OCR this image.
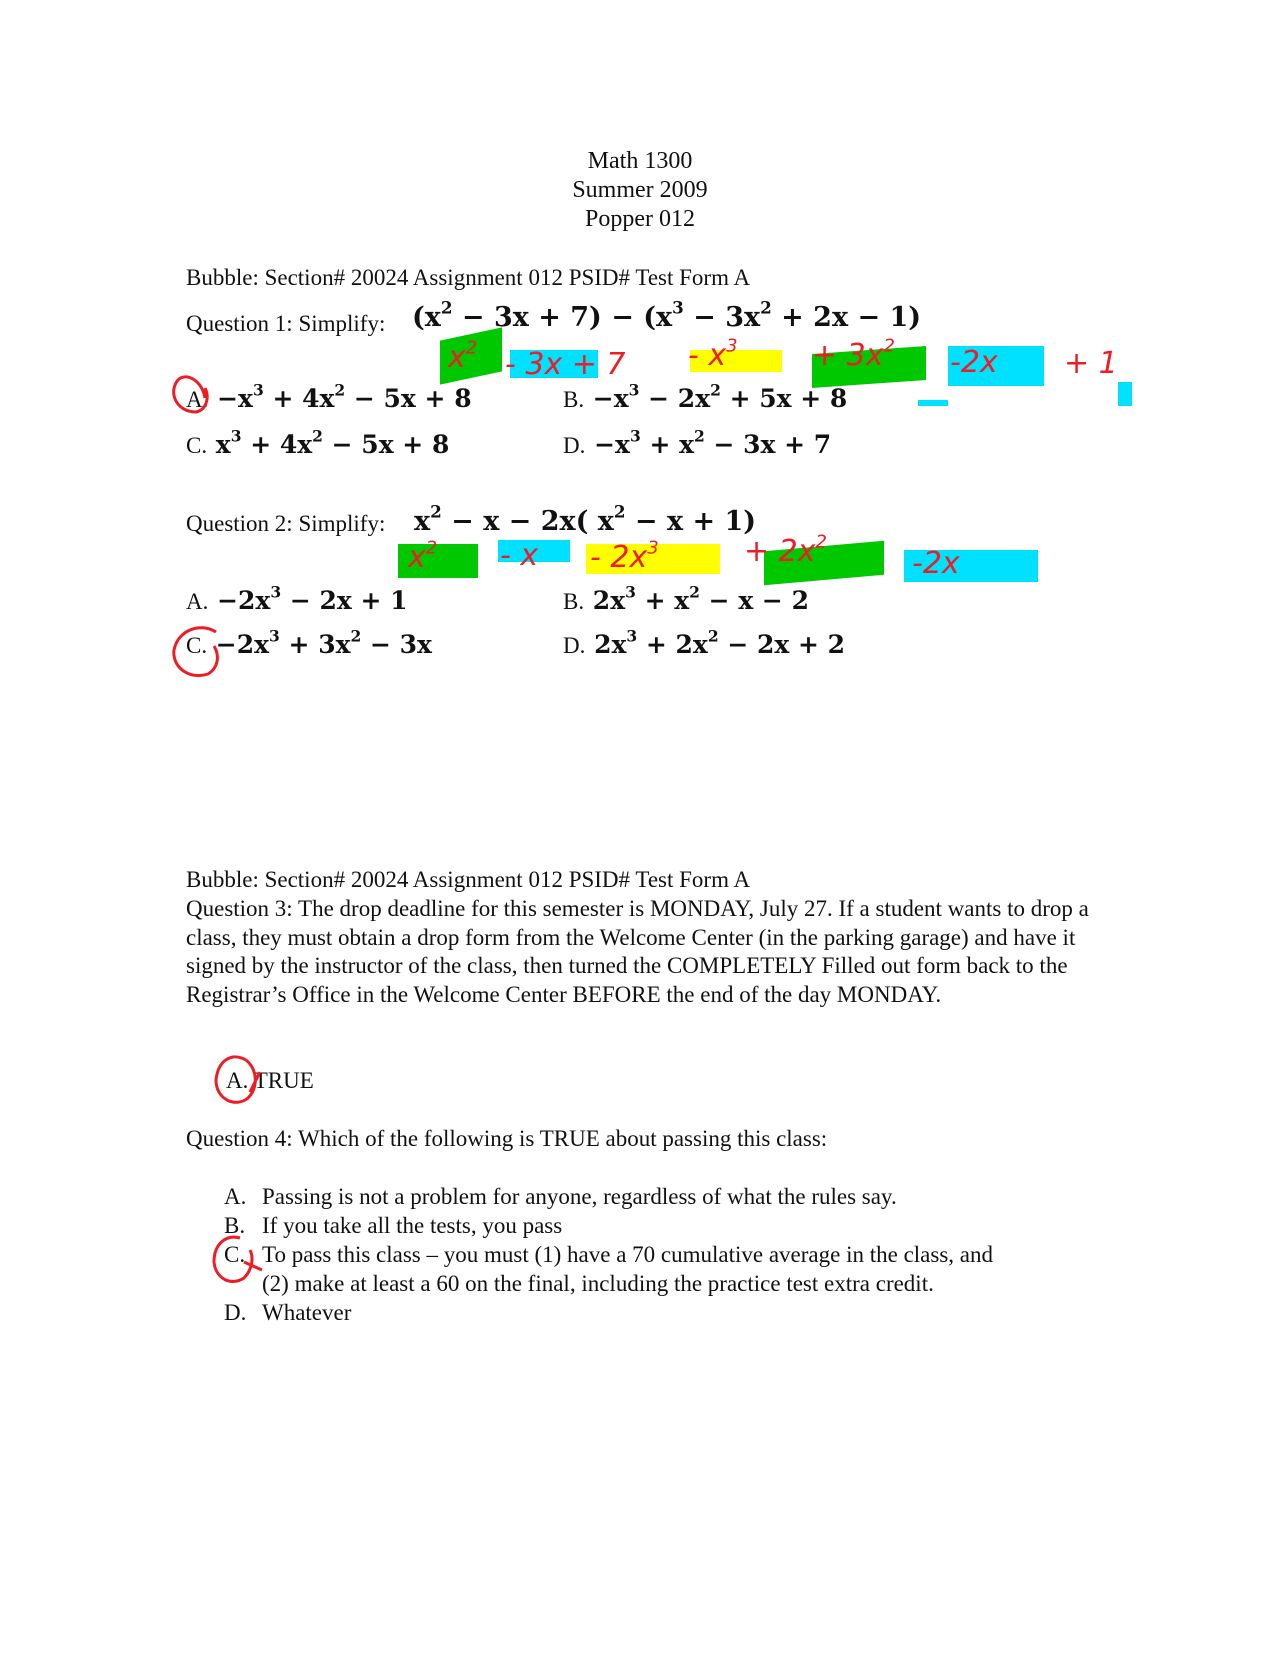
Math 1300
Summer 2009
Popper 012
Bubble: Section# 20024 Assignment 012 PSID# Test Form A
Question 1: Simplify: $(x^2 - 3x + 7) - (x^3 - 3x^2 + 2x - 1)$
$x^2 - 3x + 7 - x^3 + 3x^2$ -2x + 1
A. $-x^3 + 4x^2 - 5x + 8$	B. $-x^3 - 2x^2 + 5x + 8$
C. $x^3 + 4x^2 - 5x + 8$	D. $-x^3 + x^2 - 3x + 7$
Question 2: Simplify: $x^2 - x - 2x$( $x^2 - x + 1$)
$x^2$ - x - $2x^3$	+ $2x^2$
-2x
A. $-2x^3 - 2x + 1$	B. $2x^3 + x^2 - x - 2$
C. $-2x^3 + 3x^2 - 3x$	D. $2x^3 + 2x^2 - 2x + 2$
Bubble: Section# 20024 Assignment 012 PSID# Test Form A
Question 3: The drop deadline for this semester is MONDAY, July 27. If a student wants to drop a class, they must obtain a drop form from the Welcome Center (in the parking garage) and have it signed by the instructor of the class, then turned the COMPLETELY Filled out form back to the Registrar’s Office in the Welcome Center BEFORE the end of the day MONDAY.
A. TRUE
Question 4: Which of the following is TRUE about passing this class:
A. Passing is not a problem for anyone, regardless of what the rules say.
B. If you take all the tests, you pass
C. To pass this class – you must (1) have a 70 cumulative average in the class, and
(2) make at least a 60 on the final, including the practice test extra credit.
D. Whatever
